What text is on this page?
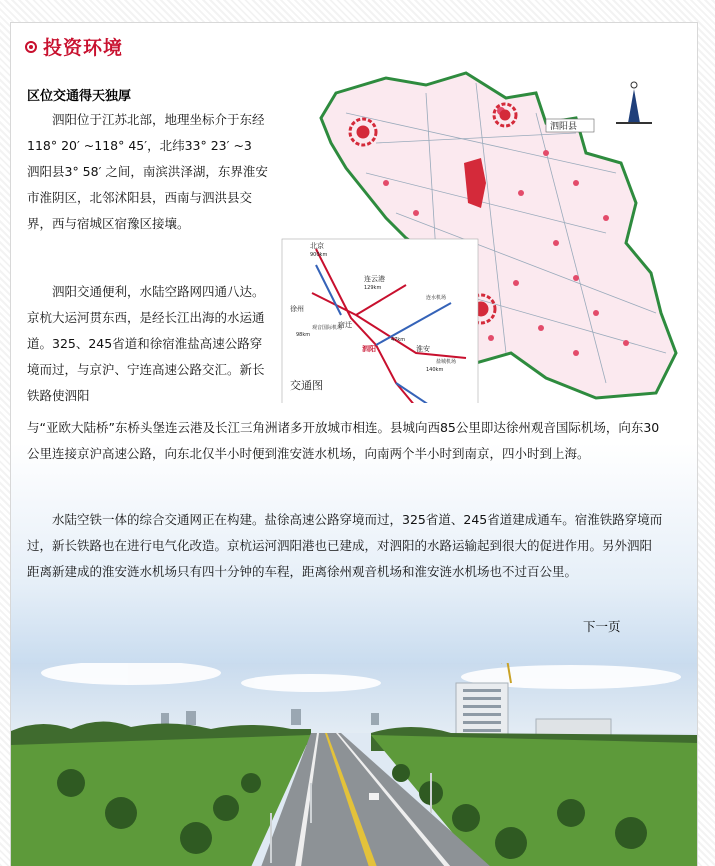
投资环境
区位交通得天独厚

泗阳位于江苏北部，地理坐标介于东经118° 20′ ~118° 45′，北纬33° 23′ ~3　泗阳县3° 58′ 之间，南滨洪泽湖，东界淮安市淮阴区，北邻沭阳县，西南与泗洪县交界，西与宿城区宿豫区接壤。

泗阳交通便利，水陆空路网四通八达。京杭大运河贯东西，是经长江出海的水运通道。325、245省道和徐宿淮盐高速公路穿境而过，与京沪、宁连高速公路交汇。新长铁路使泗阳

与“亚欧大陆桥”东桥头堡连云港及长江三角洲诸多开放城市相连。县城向西85公里即达徐州观音国际机场，向东30公里连接京沪高速公路，向东北仅半小时便到淮安涟水机场，向南两个半小时到南京，四小时到上海。

水陆空铁一体的综合交通网正在构建。盐徐高速公路穿境而过，325省道、245省道建成通车。宿淮铁路穿境而过，新长铁路也在进行电气化改造。京杭运河泗阳港也已建成，对泗阳的水路运输起到很大的促进作用。另外泗阳距离新建成的淮安涟水机场只有四十分钟的车程，距离徐州观音机场和淮安涟水机场也不过百公里。

下一页
泗阳县
北京
900km
连云港
129km
徐州
98km
宿迁
47km
泗阳	淮安
140km
连水机场
观音国际机场
盐城机场
交通图
